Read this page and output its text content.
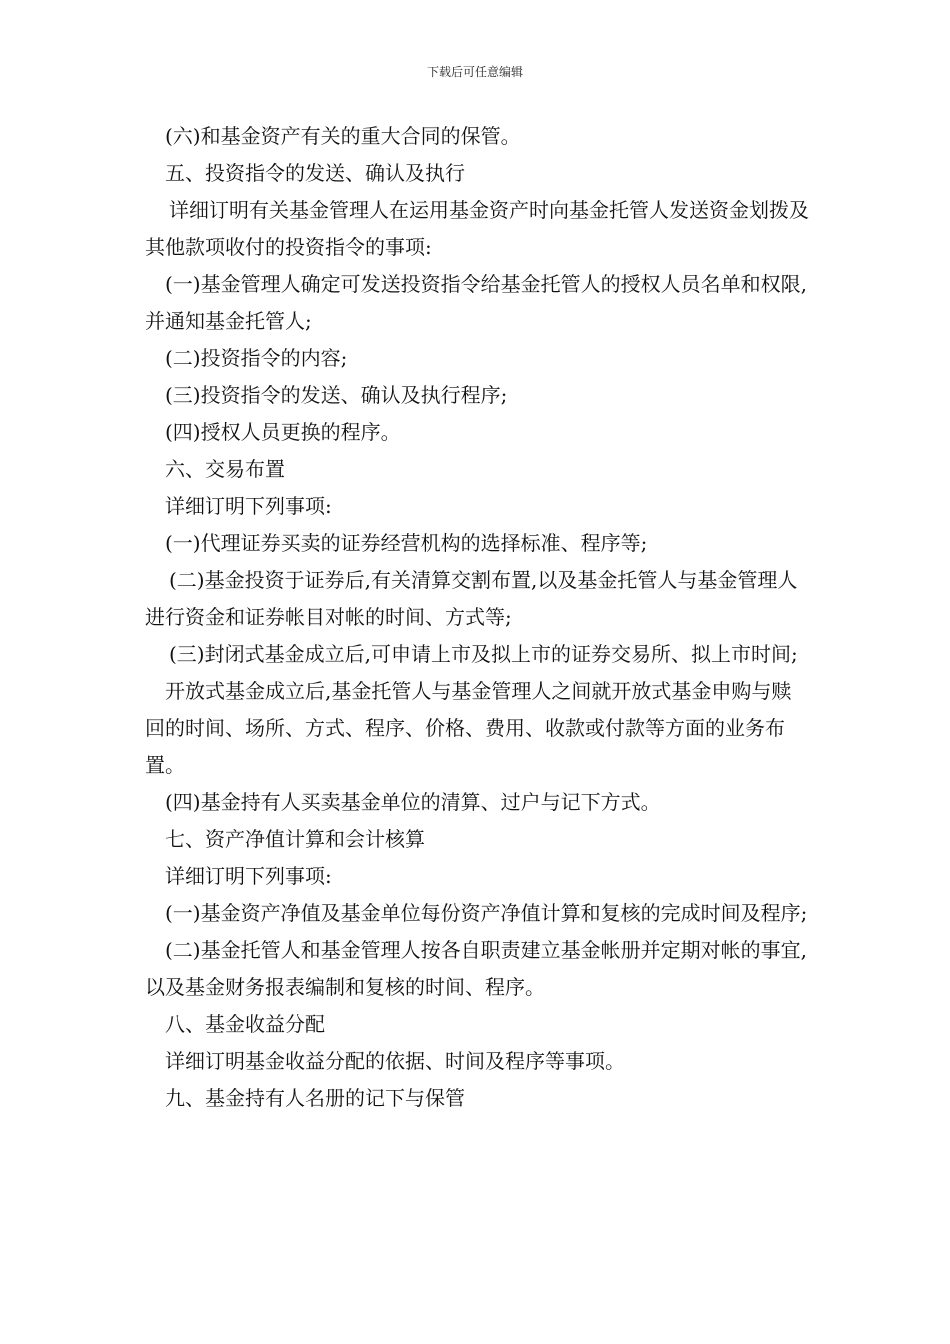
下载后可任意编辑

(六)和基金资产有关的重大合同的保管。

五、投资指令的发送、确认及执行

详细订明有关基金管理人在运用基金资产时向基金托管人发送资金划拨及其他款项收付的投资指令的事项:

(一)基金管理人确定可发送投资指令给基金托管人的授权人员名单和权限,并通知基金托管人;

(二)投资指令的内容;

(三)投资指令的发送、确认及执行程序;

(四)授权人员更换的程序。

六、交易布置

详细订明下列事项:

(一)代理证券买卖的证券经营机构的选择标准、程序等;

(二)基金投资于证券后,有关清算交割布置,以及基金托管人与基金管理人进行资金和证券帐目对帐的时间、方式等;

(三)封闭式基金成立后,可申请上市及拟上市的证券交易所、拟上市时间;

开放式基金成立后,基金托管人与基金管理人之间就开放式基金申购与赎回的时间、场所、方式、程序、价格、费用、收款或付款等方面的业务布置。

(四)基金持有人买卖基金单位的清算、过户与记下方式。

七、资产净值计算和会计核算

详细订明下列事项:

(一)基金资产净值及基金单位每份资产净值计算和复核的完成时间及程序;

(二)基金托管人和基金管理人按各自职责建立基金帐册并定期对帐的事宜,以及基金财务报表编制和复核的时间、程序。

八、基金收益分配

详细订明基金收益分配的依据、时间及程序等事项。

九、基金持有人名册的记下与保管
